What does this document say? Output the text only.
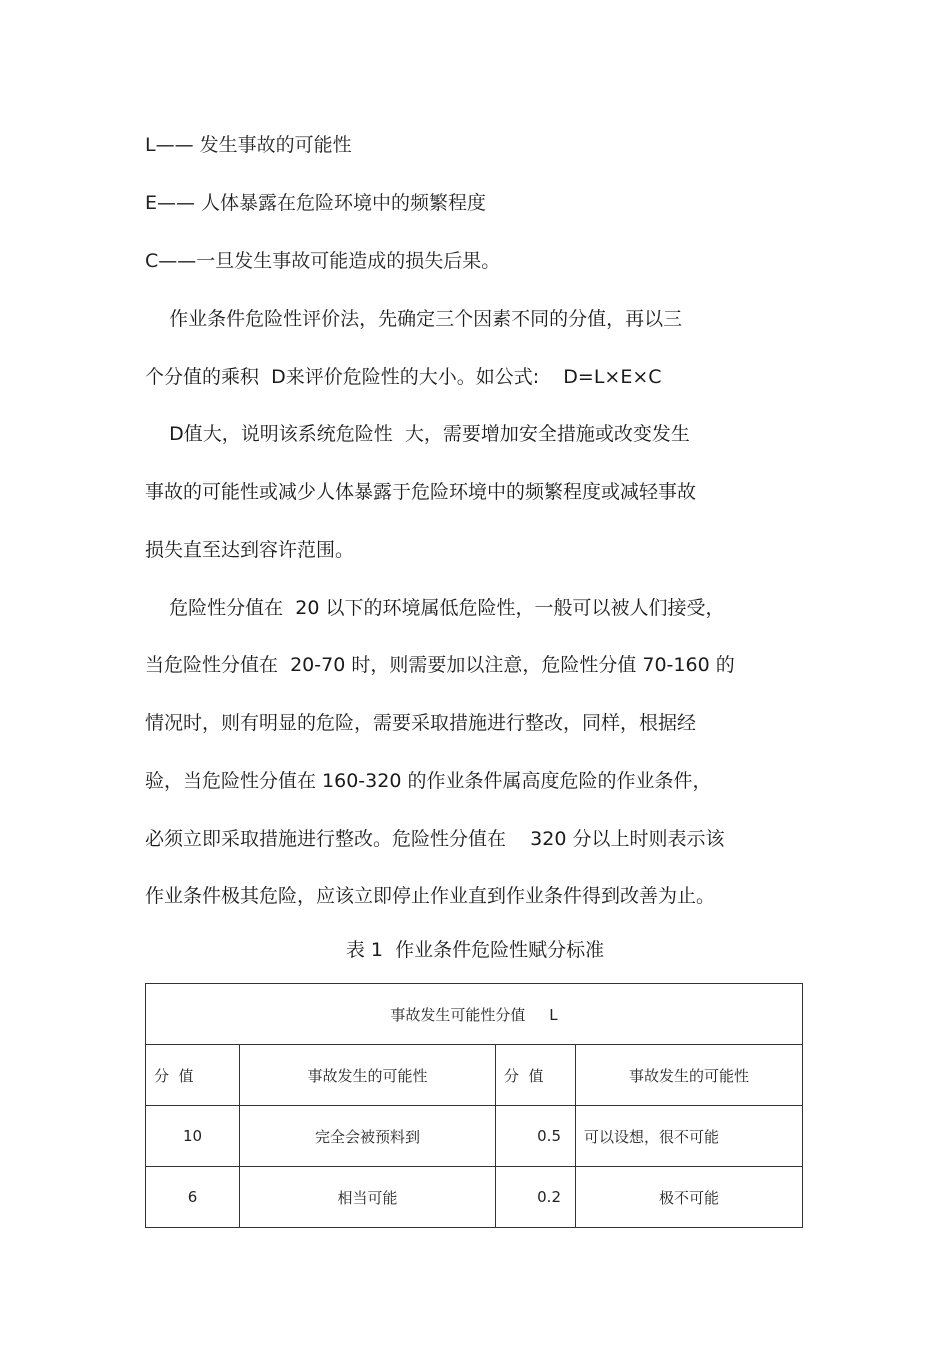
L—— 发生事故的可能性
E—— 人体暴露在危险环境中的频繁程度
C——一旦发生事故可能造成的损失后果。
作业条件危险性评价法，先确定三个因素不同的分值，再以三
个分值的乘积  D来评价危险性的大小。如公式:    D=L×E×C
D值大，说明该系统危险性  大，需要增加安全措施或改变发生
事故的可能性或减少人体暴露于危险环境中的频繁程度或减轻事故
损失直至达到容许范围。
危险性分值在  20 以下的环境属低危险性，一般可以被人们接受，
当危险性分值在  20-70 时，则需要加以注意，危险性分值 70-160 的
情况时，则有明显的危险，需要采取措施进行整改，同样，根据经
验，当危险性分值在 160-320 的作业条件属高度危险的作业条件，
必须立即采取措施进行整改。危险性分值在    320 分以上时则表示该
作业条件极其危险，应该立即停止作业直到作业条件得到改善为止。
表 1  作业条件危险性赋分标准
事故发生可能性分值     L			
分  值	事故发生的可能性	分  值	事故发生的可能性
10	完全会被预料到	0.5	可以设想，很不可能
6	相当可能	0.2	极不可能
